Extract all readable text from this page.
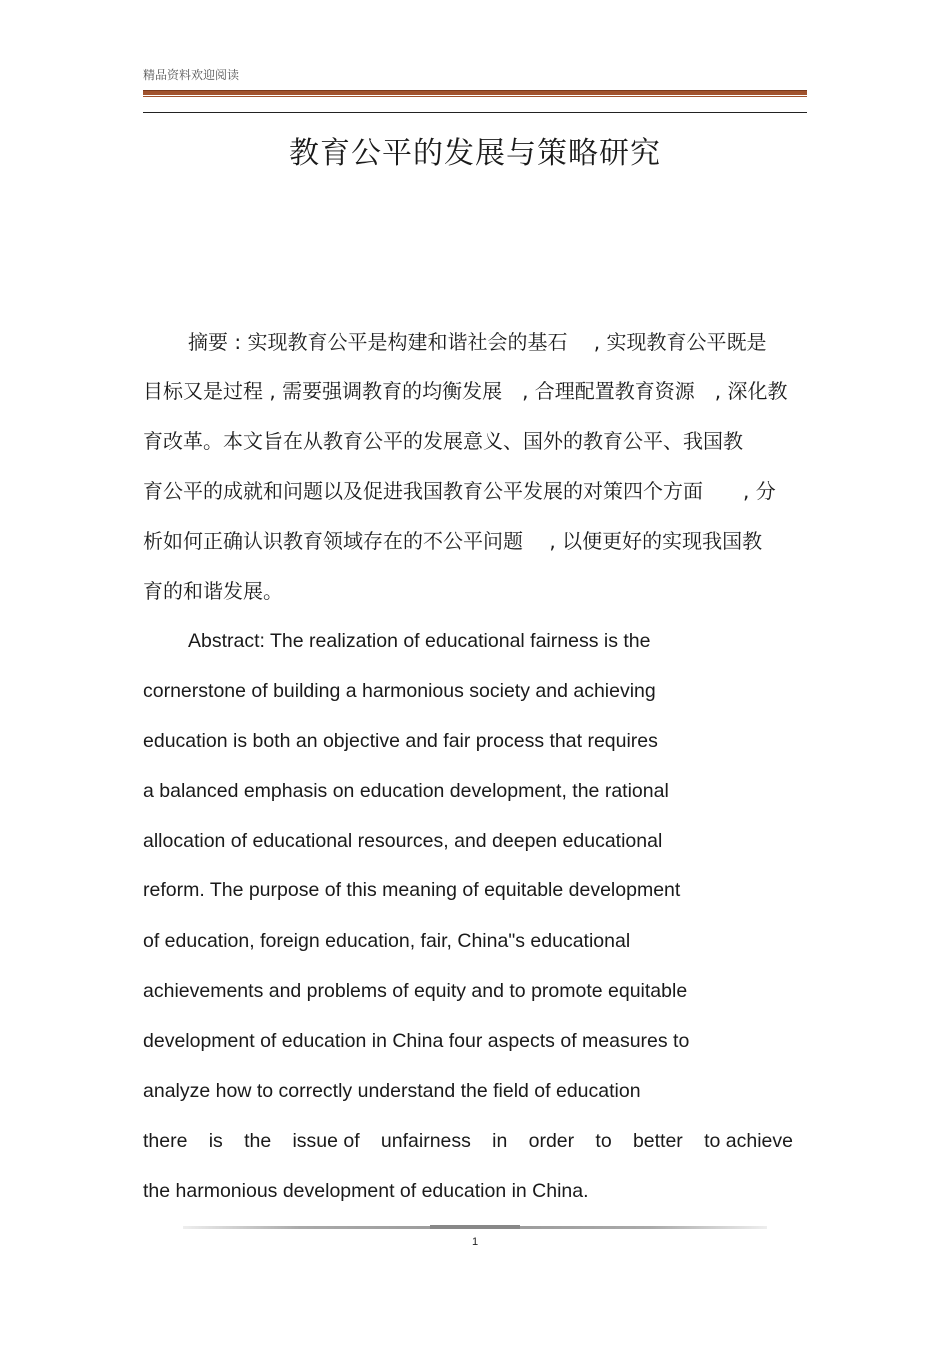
精品资料欢迎阅读
教育公平的发展与策略研究
摘要 : 实现教育公平是构建和谐社会的基石　 , 实现教育公平既是
目标又是过程 , 需要强调教育的均衡发展　, 合理配置教育资源　, 深化教
育改革。本文旨在从教育公平的发展意义、国外的教育公平、我国教
育公平的成就和问题以及促进我国教育公平发展的对策四个方面　　, 分
析如何正确认识教育领域存在的不公平问题　 , 以便更好的实现我国教
育的和谐发展。
Abstract: The realization of educational fairness is the
cornerstone of building a harmonious society and achieving
education is both an objective and fair process that requires
a balanced emphasis on education development, the rational
allocation of educational resources, and deepen educational
reform. The purpose of this meaning of equitable development
of education, foreign education, fair, China"s educational
achievements and problems of equity and to promote equitable
development of education in China four aspects of measures to
analyze how to correctly understand the field of education
there is the issue of unfairness in order to better to achieve
the harmonious development of education in China.
1
